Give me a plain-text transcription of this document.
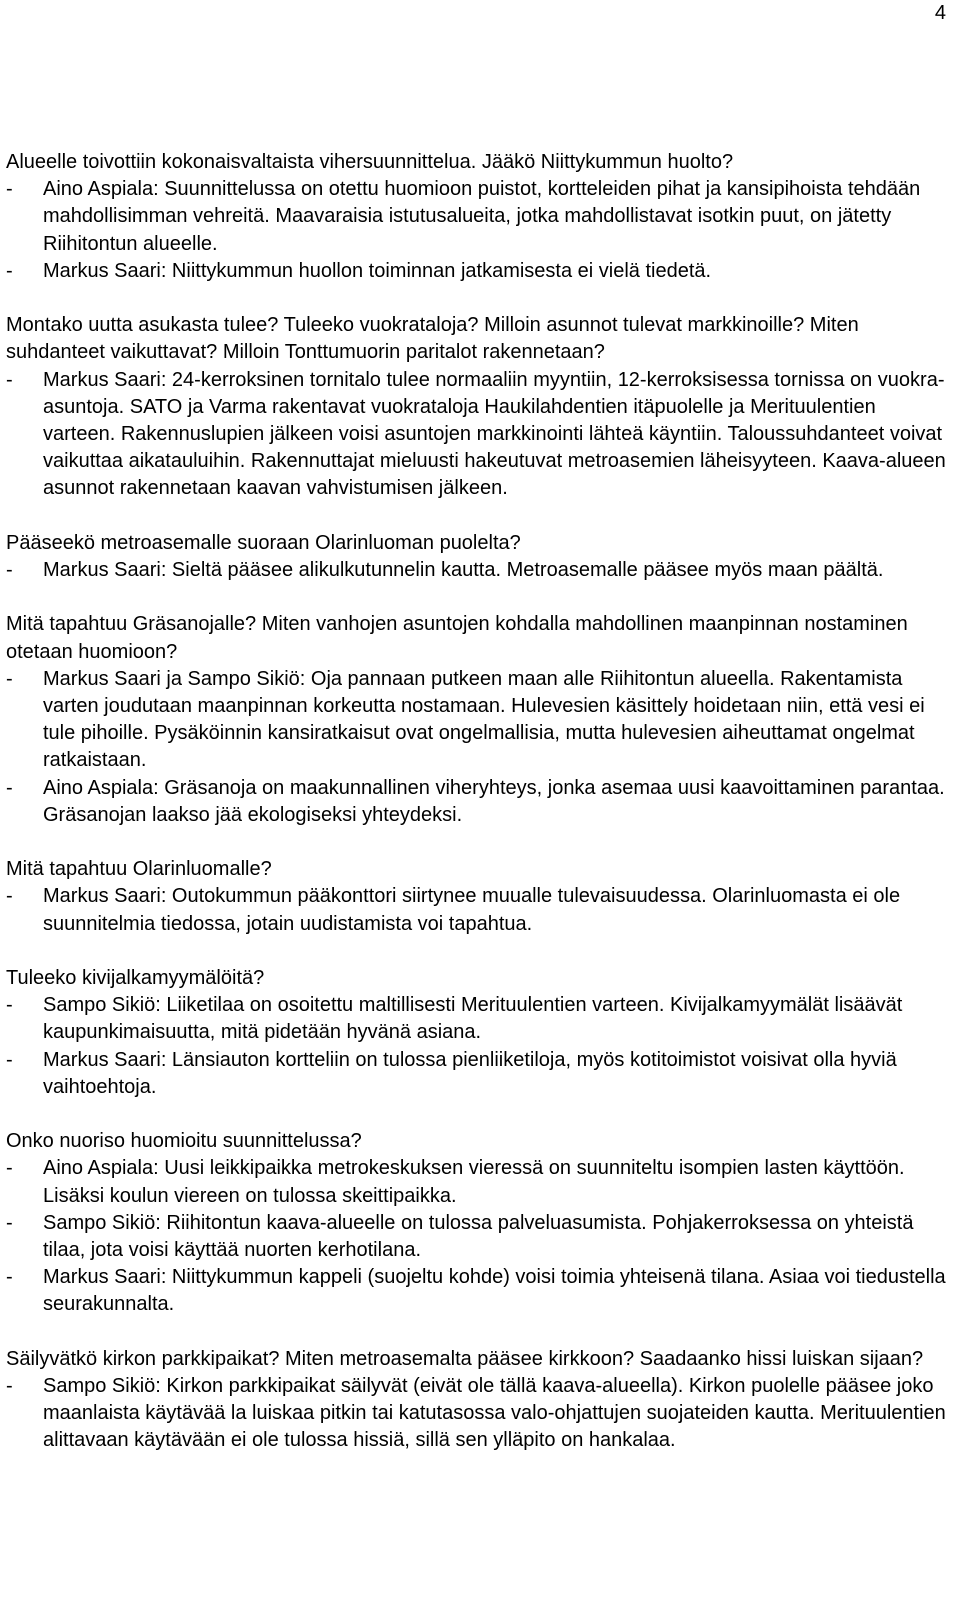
4
Alueelle toivottiin kokonaisvaltaista vihersuunnittelua. Jääkö Niittykummun huolto?
- Aino Aspiala: Suunnittelussa on otettu huomioon puistot, kortteleiden pihat ja kansipihoista tehdään mahdollisimman vehreitä. Maavaraisia istutusalueita, jotka mahdollistavat isotkin puut, on jätetty Riihitontun alueelle.
- Markus Saari: Niittykummun huollon toiminnan jatkamisesta ei vielä tiedetä.
Montako uutta asukasta tulee? Tuleeko vuokrataloja? Milloin asunnot tulevat markkinoille? Miten suhdanteet vaikuttavat? Milloin Tonttumuorin paritalot rakennetaan?
- Markus Saari: 24-kerroksinen tornitalo tulee normaaliin myyntiin, 12-kerroksisessa tornissa on vuokra-asuntoja. SATO ja Varma rakentavat vuokrataloja Haukilahdentien itäpuolelle ja Merituulentien varteen. Rakennuslupien jälkeen voisi asuntojen markkinointi lähteä käyntiin. Taloussuhdanteet voivat vaikuttaa aikatauluihin. Rakennuttajat mieluusti hakeutuvat metroasemien läheisyyteen. Kaava-alueen asunnot rakennetaan kaavan vahvistumisen jälkeen.
Pääseekö metroasemalle suoraan Olarinluoman puolelta?
- Markus Saari: Sieltä pääsee alikulkutunnelin kautta. Metroasemalle pääsee myös maan päältä.
Mitä tapahtuu Gräsanojalle? Miten vanhojen asuntojen kohdalla mahdollinen maanpinnan nostaminen otetaan huomioon?
- Markus Saari ja Sampo Sikiö: Oja pannaan putkeen maan alle Riihitontun alueella. Rakentamista varten joudutaan maanpinnan korkeutta nostamaan. Hulevesien käsittely hoidetaan niin, että vesi ei tule pihoille. Pysäköinnin kansiratkaisut ovat ongelmallisia, mutta hulevesien aiheuttamat ongelmat ratkaistaan.
- Aino Aspiala: Gräsanoja on maakunnallinen viheryhteys, jonka asemaa uusi kaavoittaminen parantaa. Gräsanojan laakso jää ekologiseksi yhteydeksi.
Mitä tapahtuu Olarinluomalle?
- Markus Saari: Outokummun pääkonttori siirtynee muualle tulevaisuudessa. Olarinluomasta ei ole suunnitelmia tiedossa, jotain uudistamista voi tapahtua.
Tuleeko kivijalkamyymälöitä?
- Sampo Sikiö: Liiketilaa on osoitettu maltillisesti Merituulentien varteen. Kivijalkamyymälät lisäävät kaupunkimaisuutta, mitä pidetään hyvänä asiana.
- Markus Saari: Länsiauton kortteliin on tulossa pienliiketiloja, myös kotitoimistot voisivat olla hyviä vaihtoehtoja.
Onko nuoriso huomioitu suunnittelussa?
- Aino Aspiala: Uusi leikkipaikka metrokeskuksen vieressä on suunniteltu isompien lasten käyttöön. Lisäksi koulun viereen on tulossa skeittipaikka.
- Sampo Sikiö: Riihitontun kaava-alueelle on tulossa palveluasumista. Pohjakerroksessa on yhteistä tilaa, jota voisi käyttää nuorten kerhotilana.
- Markus Saari: Niittykummun kappeli (suojeltu kohde) voisi toimia yhteisenä tilana. Asiaa voi tiedustella seurakunnalta.
Säilyvätkö kirkon parkkipaikat? Miten metroasemalta pääsee kirkkoon? Saadaanko hissi luiskan sijaan?
- Sampo Sikiö: Kirkon parkkipaikat säilyvät (eivät ole tällä kaava-alueella). Kirkon puolelle pääsee joko maanlaista käytävää la luiskaa pitkin tai katutasossa valo-ohjattujen suojateiden kautta. Merituulentien alittavaan käytävään ei ole tulossa hissiä, sillä sen ylläpito on hankalaa.
